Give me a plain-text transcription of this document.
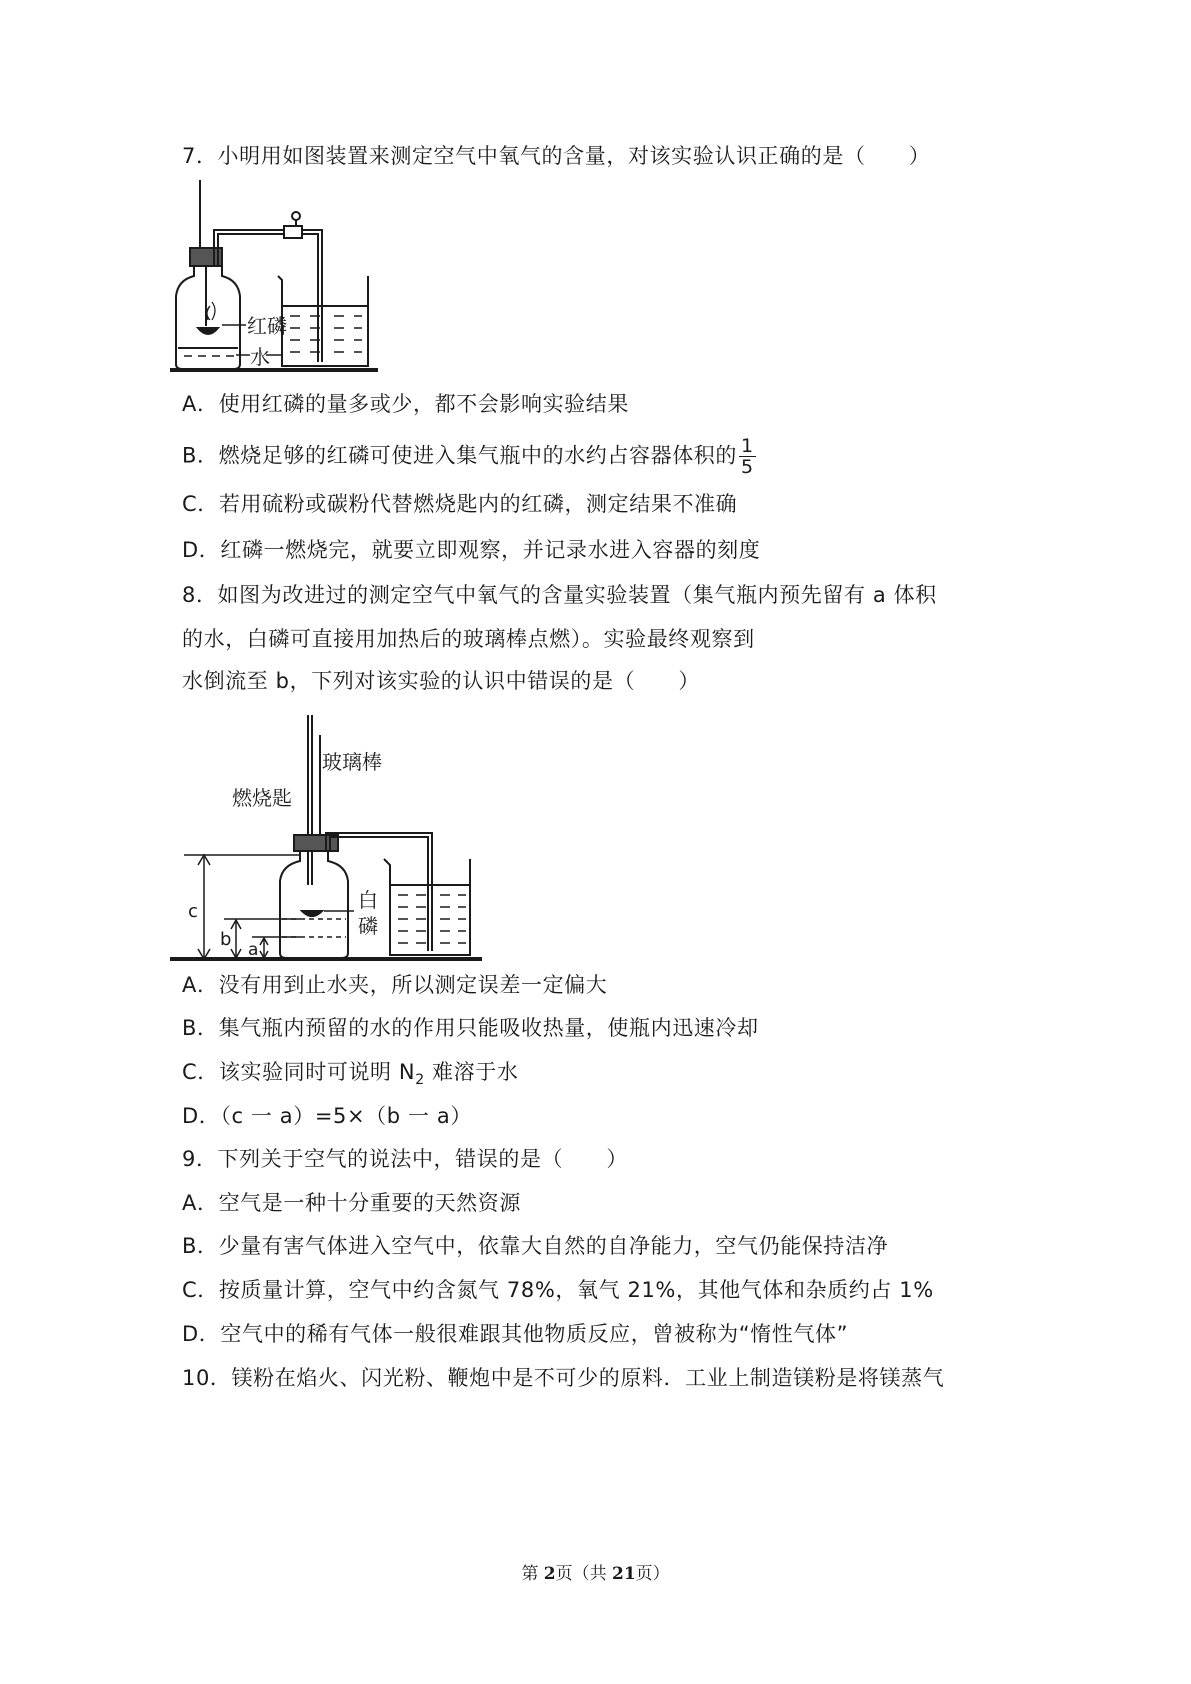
7．小明用如图装置来测定空气中氧气的含量，对该实验认识正确的是（　　）
红磷
水
A．使用红磷的量多或少，都不会影响实验结果
B．燃烧足够的红磷可使进入集气瓶中的水约占容器体积的 $\frac{1}{5}$
C．若用硫粉或碳粉代替燃烧匙内的红磷，测定结果不准确
D．红磷一燃烧完，就要立即观察，并记录水进入容器的刻度
8．如图为改进过的测定空气中氧气的含量实验装置（集气瓶内预先留有 a 体积
的水，白磷可直接用加热后的玻璃棒点燃）。实验最终观察到
水倒流至 b，下列对该实验的认识中错误的是（　　）
玻璃棒
燃烧匙
白
磷
c
b a
A．没有用到止水夹，所以测定误差一定偏大
B．集气瓶内预留的水的作用只能吸收热量，使瓶内迅速冷却
C．该实验同时可说明 $N_2$ 难溶于水
D．（c 一 a）=5×（b 一 a）
9．下列关于空气的说法中，错误的是（　　）
A．空气是一种十分重要的天然资源
B．少量有害气体进入空气中，依靠大自然的自净能力，空气仍能保持洁净
C．按质量计算，空气中约含氮气 78%，氧气 21%，其他气体和杂质约占 1%
D．空气中的稀有气体一般很难跟其他物质反应，曾被称为“惰性气体”
10．镁粉在焰火、闪光粉、鞭炮中是不可少的原料．工业上制造镁粉是将镁蒸气
第 2页（共 21页）
